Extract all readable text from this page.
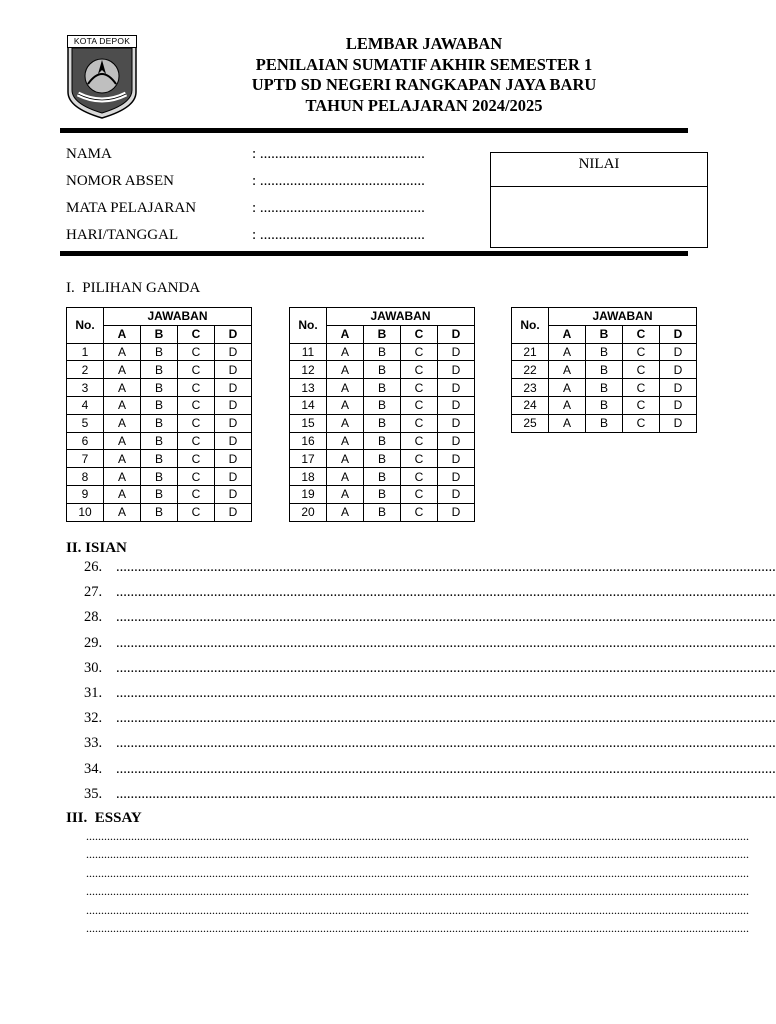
KOTA DEPOK	LEMBAR JAWABAN
PENILAIAN SUMATIF AKHIR SEMESTER 1
UPTD SD NEGERI RANGKAPAN JAYA BARU
TAHUN PELAJARAN 2024/2025
NAMA	: ............................................
NOMOR ABSEN	: ............................................
MATA PELAJARAN	: ............................................
HARI/TANGGAL	: ............................................
NILAI
I.  PILIHAN GANDA
No.	JAWABAN			
	A	B	C	D
1	A	B	C	D
2	A	B	C	D
3	A	B	C	D
4	A	B	C	D
5	A	B	C	D
6	A	B	C	D
7	A	B	C	D
8	A	B	C	D
9	A	B	C	D
10	A	B	C	D
No.	JAWABAN			
	A	B	C	D
11	A	B	C	D
12	A	B	C	D
13	A	B	C	D
14	A	B	C	D
15	A	B	C	D
16	A	B	C	D
17	A	B	C	D
18	A	B	C	D
19	A	B	C	D
20	A	B	C	D
No.	JAWABAN			
	A	B	C	D
21	A	B	C	D
22	A	B	C	D
23	A	B	C	D
24	A	B	C	D
25	A	B	C	D
II. ISIAN
26. ......................................................................................................................................................................................
27. ......................................................................................................................................................................................
28. ......................................................................................................................................................................................
29. ......................................................................................................................................................................................
30. ......................................................................................................................................................................................
31. ......................................................................................................................................................................................
32. ......................................................................................................................................................................................
33. ......................................................................................................................................................................................
34. ......................................................................................................................................................................................
35. ......................................................................................................................................................................................
III.  ESSAY
.............................................................................................................................................................................................................................
.............................................................................................................................................................................................................................
.............................................................................................................................................................................................................................
.............................................................................................................................................................................................................................
.............................................................................................................................................................................................................................
.............................................................................................................................................................................................................................
